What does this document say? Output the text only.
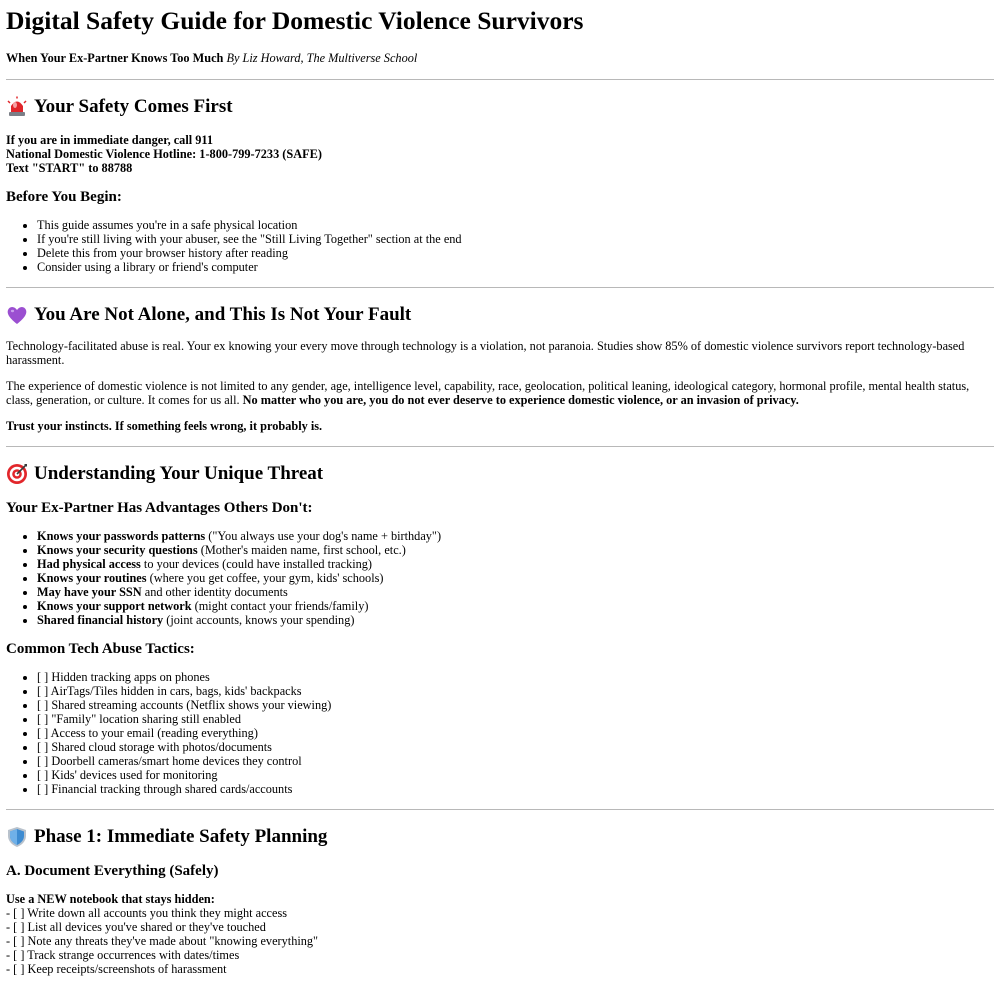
Digital Safety Guide for Domestic Violence Survivors
When Your Ex-Partner Knows Too Much By Liz Howard, The Multiverse School
Your Safety Comes First
If you are in immediate danger, call 911
National Domestic Violence Hotline: 1-800-799-7233 (SAFE)
Text "START" to 88788
Before You Begin:
• This guide assumes you're in a safe physical location
• If you're still living with your abuser, see the "Still Living Together" section at the end
• Delete this from your browser history after reading
• Consider using a library or friend's computer
You Are Not Alone, and This Is Not Your Fault

Technology-facilitated abuse is real. Your ex knowing your every move through technology is a violation, not paranoia. Studies show 85% of domestic violence survivors report technology-based harassment.

The experience of domestic violence is not limited to any gender, age, intelligence level, capability, race, geolocation, political leaning, ideological category, hormonal profile, mental health status, class, generation, or culture. It comes for us all. No matter who you are, you do not ever deserve to experience domestic violence, or an invasion of privacy.

Trust your instincts. If something feels wrong, it probably is.

Understanding Your Unique Threat
Your Ex-Partner Has Advantages Others Don't:
• Knows your passwords patterns ("You always use your dog's name + birthday")
• Knows your security questions (Mother's maiden name, first school, etc.)
• Had physical access to your devices (could have installed tracking)
• Knows your routines (where you get coffee, your gym, kids' schools)
• May have your SSN and other identity documents
• Knows your support network (might contact your friends/family)
• Shared financial history (joint accounts, knows your spending)
Common Tech Abuse Tactics:
• [ ] Hidden tracking apps on phones
• [ ] AirTags/Tiles hidden in cars, bags, kids' backpacks
• [ ] Shared streaming accounts (Netflix shows your viewing)
• [ ] "Family" location sharing still enabled
• [ ] Access to your email (reading everything)
• [ ] Shared cloud storage with photos/documents
• [ ] Doorbell cameras/smart home devices they control
• [ ] Kids' devices used for monitoring
• [ ] Financial tracking through shared cards/accounts
Phase 1: Immediate Safety Planning
A. Document Everything (Safely)
Use a NEW notebook that stays hidden:
- [ ] Write down all accounts you think they might access
- [ ] List all devices you've shared or they've touched
- [ ] Note any threats they've made about "knowing everything"
- [ ] Track strange occurrences with dates/times
- [ ] Keep receipts/screenshots of harassment
